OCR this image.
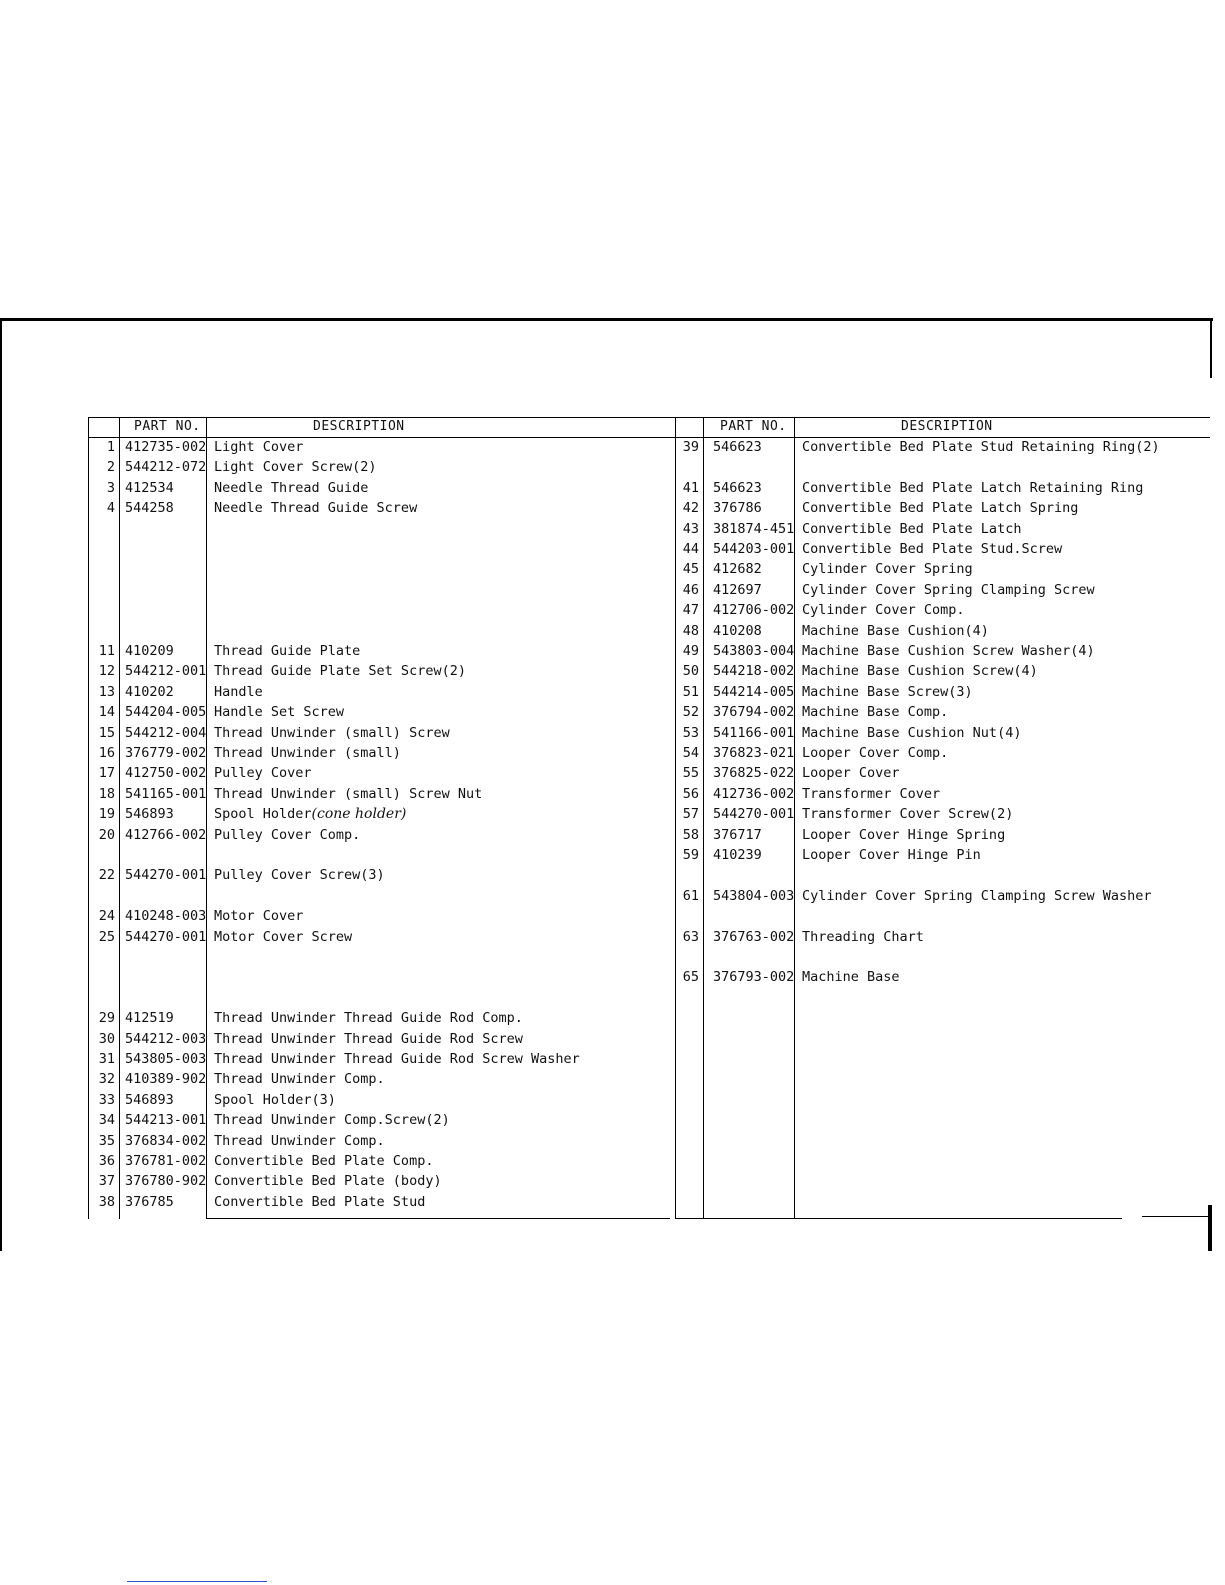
PART NO.	DESCRIPTION
1 412735-002 Light Cover
2 544212-072 Light Cover Screw(2)
3 412534	Needle Thread Guide
4 544258	Needle Thread Guide Screw
11 410209	Thread Guide Plate
12 544212-001 Thread Guide Plate Set Screw(2)
13 410202	Handle
14 544204-005 Handle Set Screw
15 544212-004 Thread Unwinder (small) Screw
16 376779-002 Thread Unwinder (small)
17 412750-002 Pulley Cover
18 541165-001 Thread Unwinder (small) Screw Nut
19 546893	Spool Holder(cone holder)
20 412766-002 Pulley Cover Comp.
22 544270-001 Pulley Cover Screw(3)
24 410248-003 Motor Cover
25 544270-001 Motor Cover Screw
29 412519	Thread Unwinder Thread Guide Rod Comp.
30 544212-003 Thread Unwinder Thread Guide Rod Screw
31 543805-003 Thread Unwinder Thread Guide Rod Screw Washer
32 410389-902 Thread Unwinder Comp.
33 546893	Spool Holder(3)
34 544213-001 Thread Unwinder Comp.Screw(2)
35 376834-002 Thread Unwinder Comp.
36 376781-002 Convertible Bed Plate Comp.
37 376780-902 Convertible Bed Plate (body)
38 376785	Convertible Bed Plate Stud
PART NO.	DESCRIPTION
39 546623	Convertible Bed Plate Stud Retaining Ring(2)
41 546623	Convertible Bed Plate Latch Retaining Ring
42 376786	Convertible Bed Plate Latch Spring
43 381874-451 Convertible Bed Plate Latch
44 544203-001 Convertible Bed Plate Stud.Screw
45 412682	Cylinder Cover Spring
46 412697	Cylinder Cover Spring Clamping Screw
47 412706-002 Cylinder Cover Comp.
48 410208	Machine Base Cushion(4)
49 543803-004 Machine Base Cushion Screw Washer(4)
50 544218-002 Machine Base Cushion Screw(4)
51 544214-005 Machine Base Screw(3)
52 376794-002 Machine Base Comp.
53 541166-001 Machine Base Cushion Nut(4)
54 376823-021 Looper Cover Comp.
55 376825-022 Looper Cover
56 412736-002 Transformer Cover
57 544270-001 Transformer Cover Screw(2)
58 376717	Looper Cover Hinge Spring
59 410239	Looper Cover Hinge Pin
61 543804-003 Cylinder Cover Spring Clamping Screw Washer
63 376763-002 Threading Chart
65 376793-002 Machine Base
